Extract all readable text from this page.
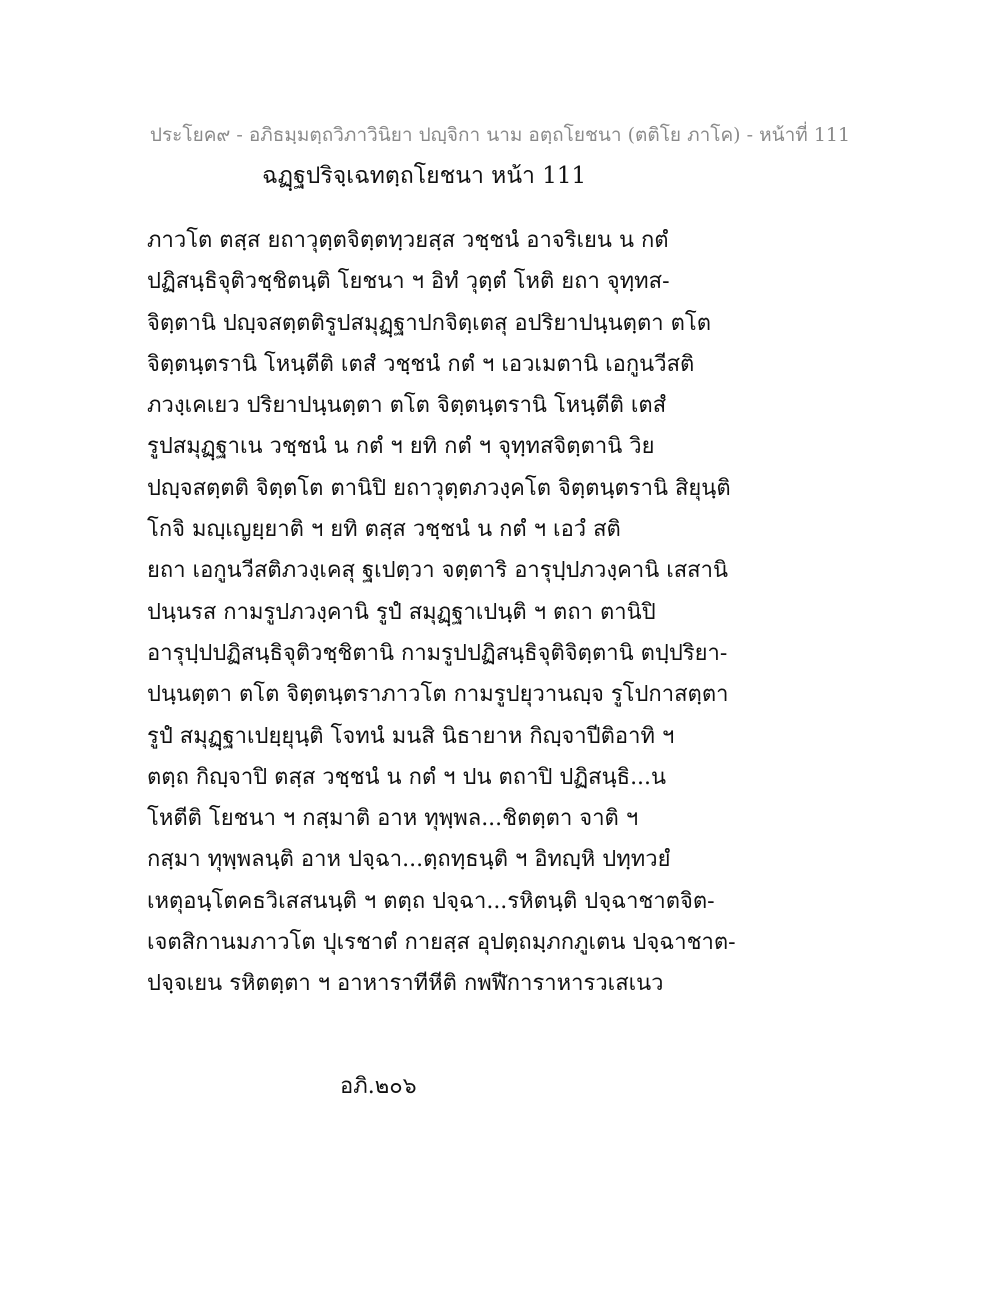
ประโยค๙ - อภิธมฺมตฺถวิภาวินิยา ปญฺจิกา นาม อตฺถโยชนา (ตติโย ภาโค) - หน้าที่ 111
ฉฏฺฐปริจฺเฉทตฺถโยชนา หน้า 111
ภาวโต ตสฺส ยถาวุตฺตจิตฺตทฺวยสฺส วชฺชนํ อาจริเยน น กตํ
ปฏิสนฺธิจุติวชฺชิตนฺติ โยชนา ฯ อิทํ วุตฺตํ โหติ ยถา จุทฺทส-
จิตฺตานิ ปญฺจสตฺตติรูปสมุฏฺฐาปกจิตฺเตสุ อปริยาปนฺนตฺตา ตโต
จิตฺตนฺตรานิ โหนฺตีติ เตสํ วชฺชนํ กตํ ฯ เอวเมตานิ เอกูนวีสติ
ภวงฺเคเยว ปริยาปนฺนตฺตา ตโต จิตฺตนฺตรานิ โหนฺตีติ เตสํ
รูปสมุฏฺฐาเน วชฺชนํ น กตํ ฯ ยทิ กตํ ฯ จุทฺทสจิตฺตานิ วิย
ปญฺจสตฺตติ จิตฺตโต ตานิปิ ยถาวุตฺตภวงฺคโต จิตฺตนฺตรานิ สิยุนฺติ
โกจิ มญฺเญยฺยาติ ฯ ยทิ ตสฺส วชฺชนํ น กตํ ฯ เอวํ สติ
ยถา เอกูนวีสติภวงฺเคสุ ฐเปตฺวา จตฺตาริ อารุปฺปภวงฺคานิ เสสานิ
ปนฺนรส กามรูปภวงฺคานิ รูปํ สมุฏฺฐาเปนฺติ ฯ ตถา ตานิปิ
อารุปฺปปฏิสนฺธิจุติวชฺชิตานิ กามรูปปฏิสนฺธิจุติจิตฺตานิ ตปฺปริยา-
ปนฺนตฺตา ตโต จิตฺตนฺตราภาวโต กามรูปยุวานญฺจ รูโปกาสตฺตา
รูปํ สมุฏฺฐาเปยฺยุนฺติ โจทนํ มนสิ นิธายาห กิญฺจาปีติอาทิ ฯ
ตตฺถ กิญฺจาปิ ตสฺส วชฺชนํ น กตํ ฯ ปน ตถาปิ ปฏิสนฺธิ...น
โหตีติ โยชนา ฯ กสฺมาติ อาห ทุพฺพล...ชิตตฺตา จาติ ฯ
กสฺมา ทุพฺพลนฺติ อาห ปจฺฉา...ตฺถทฺธนฺติ ฯ อิทญฺหิ ปทฺทวยํ
เหตุอนฺโตคธวิเสสนนฺติ ฯ ตตฺถ ปจฺฉา...รหิตนฺติ ปจฺฉาชาตจิต-
เจตสิกานมภาวโต ปุเรชาตํ กายสฺส อุปตฺถมฺภกภูเตน ปจฺฉาชาต-
ปจฺจเยน รหิตตฺตา ฯ อาหาราทีหีติ กพฬีการาหารวเสเนว
อภิ.๒๐๖
